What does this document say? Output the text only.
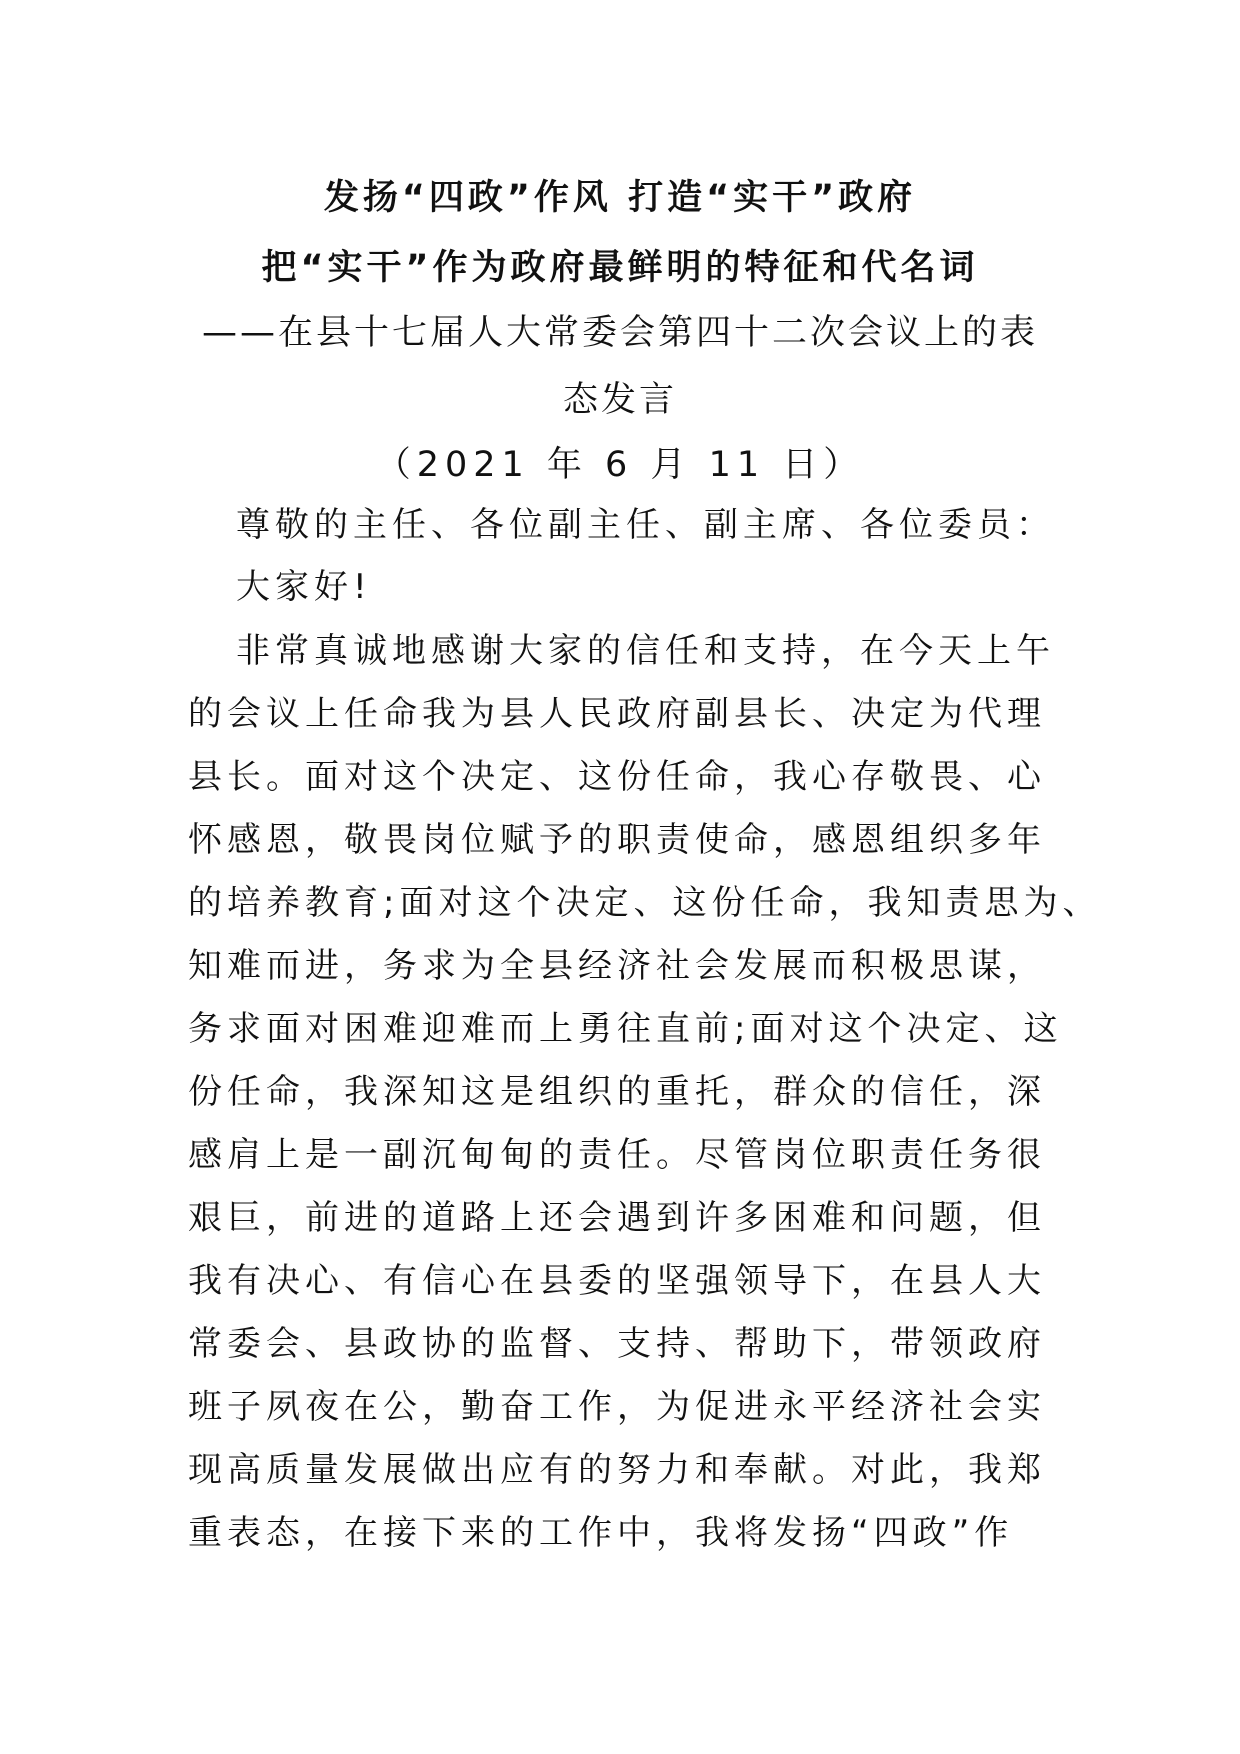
发扬“四政”作风 打造“实干”政府
把“实干”作为政府最鲜明的特征和代名词
——在县十七届人大常委会第四十二次会议上的表
态发言
（2021 年 6 月 11 日）
尊敬的主任、各位副主任、副主席、各位委员：
大家好!
非常真诚地感谢大家的信任和支持，在今天上午
的会议上任命我为县人民政府副县长、决定为代理
县长。面对这个决定、这份任命，我心存敬畏、心
怀感恩，敬畏岗位赋予的职责使命，感恩组织多年
的培养教育;面对这个决定、这份任命，我知责思为、
知难而进，务求为全县经济社会发展而积极思谋，
务求面对困难迎难而上勇往直前;面对这个决定、这
份任命，我深知这是组织的重托，群众的信任，深
感肩上是一副沉甸甸的责任。尽管岗位职责任务很
艰巨，前进的道路上还会遇到许多困难和问题，但
我有决心、有信心在县委的坚强领导下，在县人大
常委会、县政协的监督、支持、帮助下，带领政府
班子夙夜在公，勤奋工作，为促进永平经济社会实
现高质量发展做出应有的努力和奉献。对此，我郑
重表态，在接下来的工作中，我将发扬“四政”作
